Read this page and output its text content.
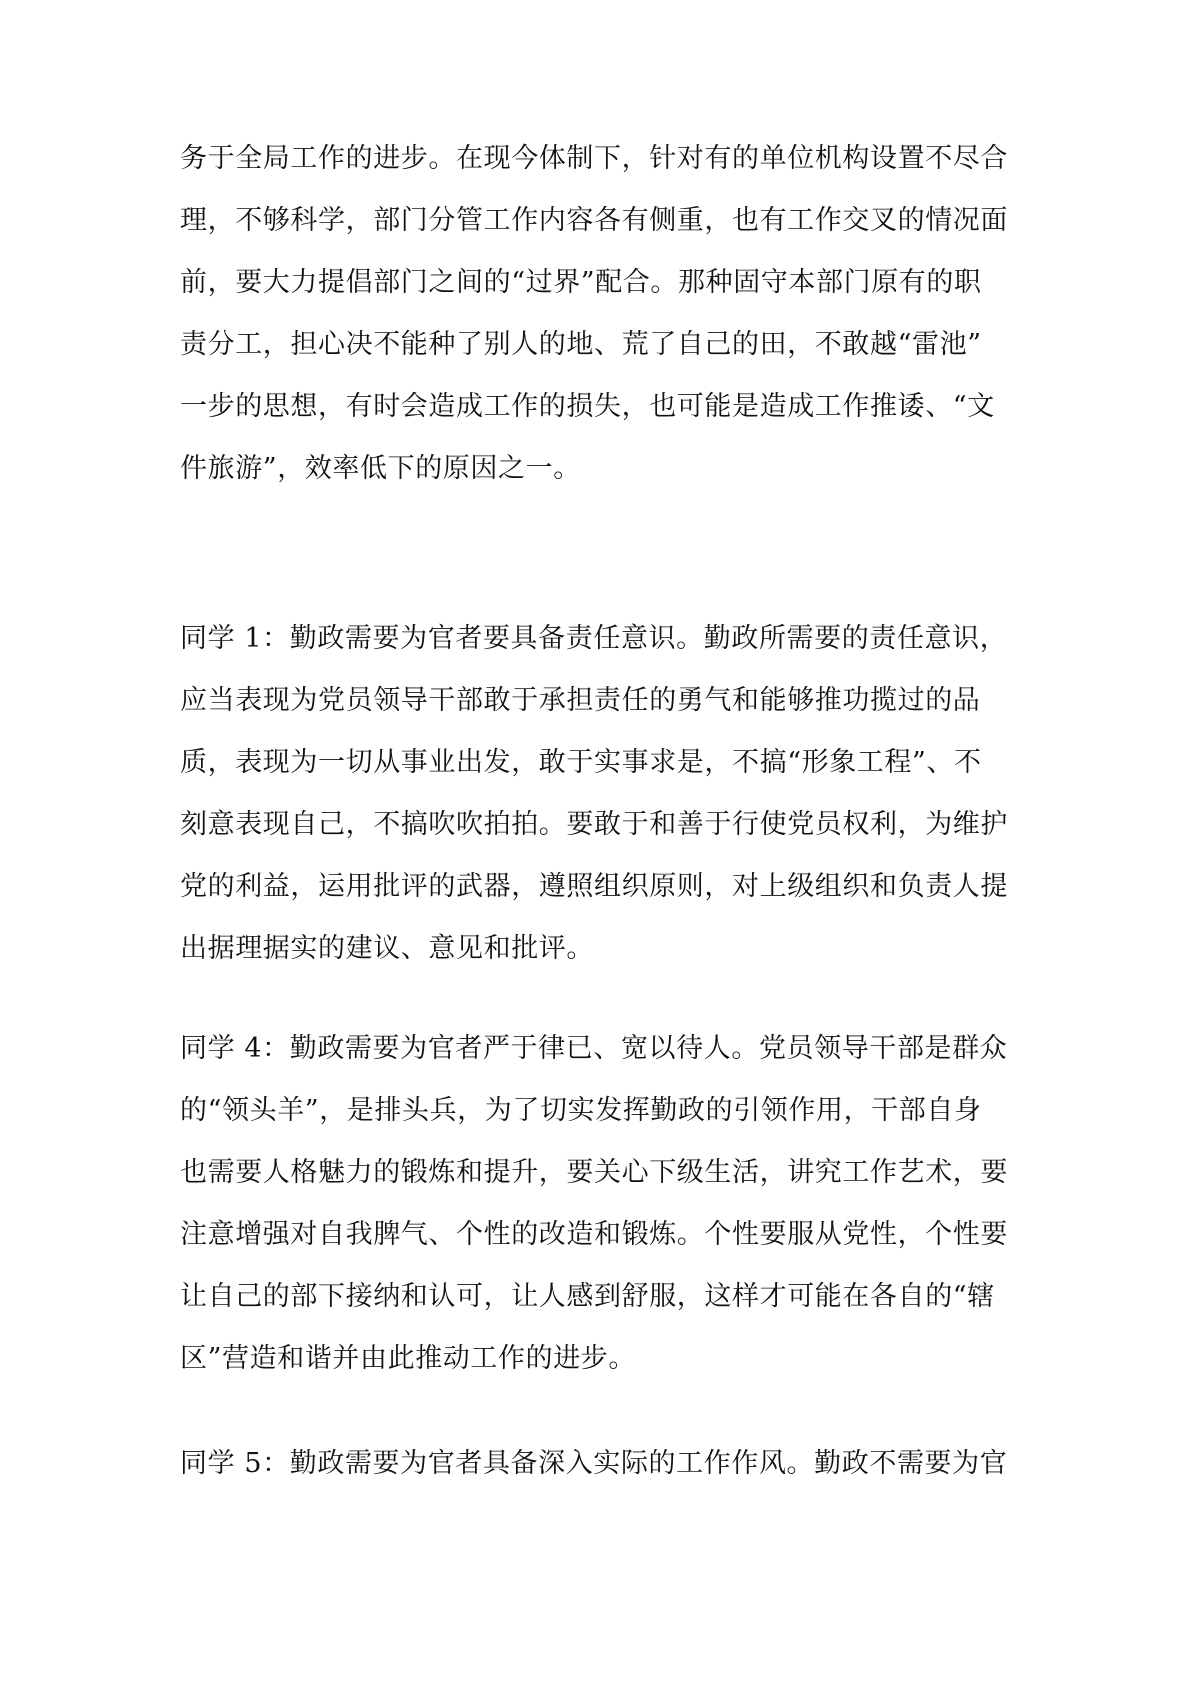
务于全局工作的进步。在现今体制下，针对有的单位机构设置不尽合
理，不够科学，部门分管工作内容各有侧重，也有工作交叉的情况面
前，要大力提倡部门之间的“过界”配合。那种固守本部门原有的职
责分工，担心决不能种了别人的地、荒了自己的田，不敢越“雷池”
一步的思想，有时会造成工作的损失，也可能是造成工作推诿、“文
件旅游”，效率低下的原因之一。
同学 1：勤政需要为官者要具备责任意识。勤政所需要的责任意识，
应当表现为党员领导干部敢于承担责任的勇气和能够推功揽过的品
质，表现为一切从事业出发，敢于实事求是，不搞“形象工程”、不
刻意表现自己，不搞吹吹拍拍。要敢于和善于行使党员权利，为维护
党的利益，运用批评的武器，遵照组织原则，对上级组织和负责人提
出据理据实的建议、意见和批评。
同学 4：勤政需要为官者严于律已、宽以待人。党员领导干部是群众
的“领头羊”，是排头兵，为了切实发挥勤政的引领作用，干部自身
也需要人格魅力的锻炼和提升，要关心下级生活，讲究工作艺术，要
注意增强对自我脾气、个性的改造和锻炼。个性要服从党性，个性要
让自己的部下接纳和认可，让人感到舒服，这样才可能在各自的“辖
区”营造和谐并由此推动工作的进步。
同学 5：勤政需要为官者具备深入实际的工作作风。勤政不需要为官
